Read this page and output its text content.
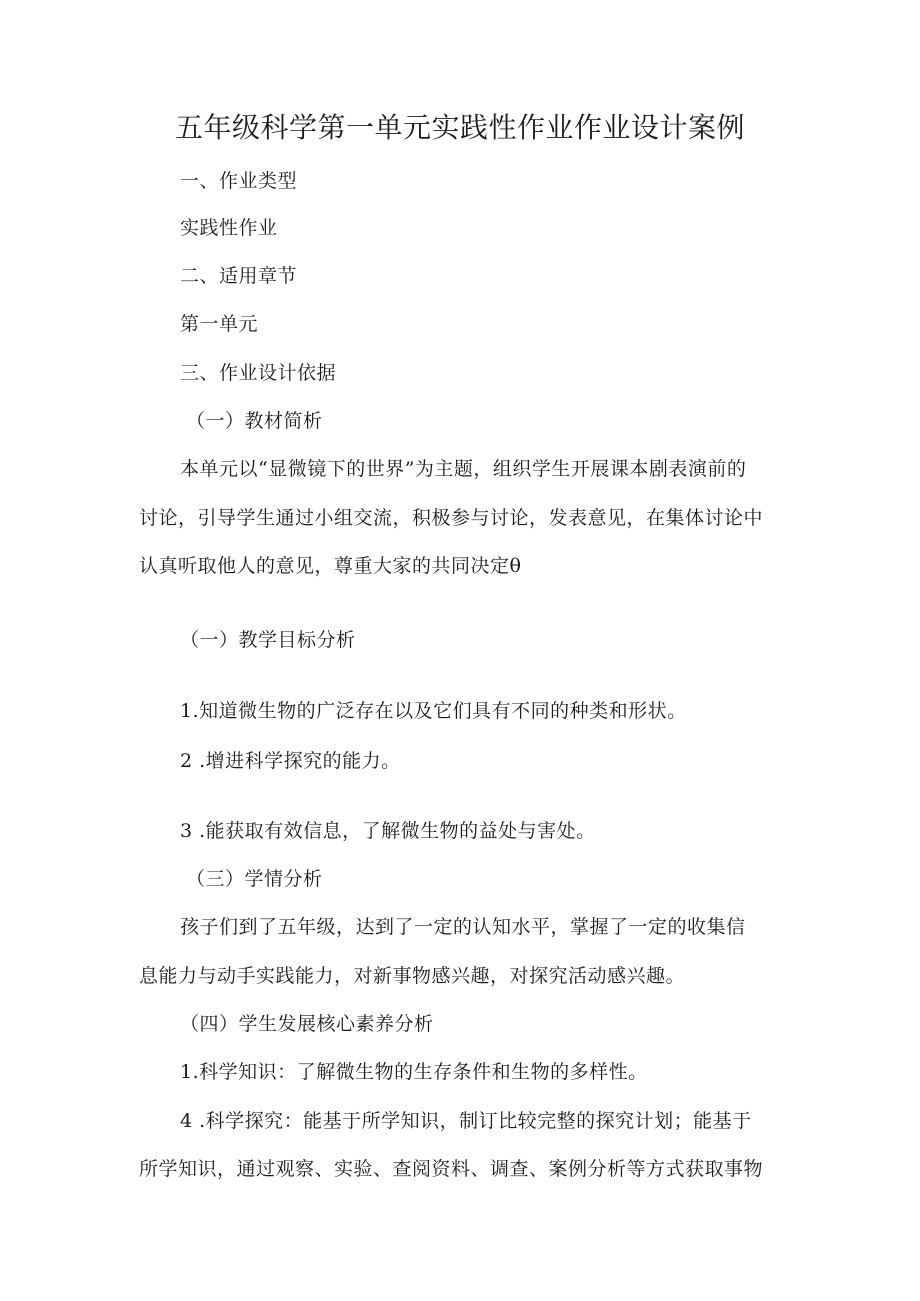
五年级科学第一单元实践性作业作业设计案例
一、作业类型
实践性作业
二、适用章节
第一单元
三、作业设计依据
（一）教材简析
本单元以“显微镜下的世界”为主题，组织学生开展课本剧表演前的
讨论，引导学生通过小组交流，积极参与讨论，发表意见，在集体讨论中
认真听取他人的意见，尊重大家的共同决定θ
（一）教学目标分析
1.知道微生物的广泛存在以及它们具有不同的种类和形状。
2 .增进科学探究的能力。
3 .能获取有效信息，了解微生物的益处与害处。
（三）学情分析
孩子们到了五年级，达到了一定的认知水平，掌握了一定的收集信
息能力与动手实践能力，对新事物感兴趣，对探究活动感兴趣。
（四）学生发展核心素养分析
1.科学知识：了解微生物的生存条件和生物的多样性。
4 .科学探究：能基于所学知识，制订比较完整的探究计划；能基于
所学知识，通过观察、实验、查阅资料、调查、案例分析等方式获取事物
